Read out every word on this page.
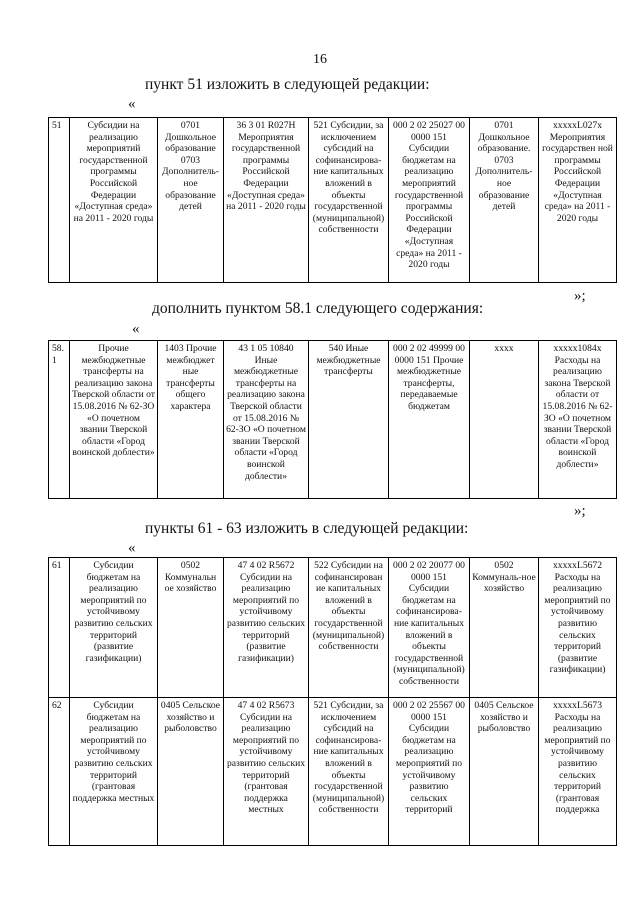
16
пункт 51 изложить в следующей редакции:
«
51	Субсидии на реализацию мероприятий государственной программы Российской Федерации «Доступная среда» на 2011 - 2020 годы	0701 Дошкольное образование 0703 Дополнитель-ное образование детей	36 3 01 R027Н Мероприятия государственной программы Российской Федерации «Доступная среда» на 2011 - 2020 годы	521 Субсидии, за исключением субсидий на софинансирова-ние капитальных вложений в объекты государственной (муниципальной) собственности	000 2 02 25027 00 0000 151 Субсидии бюджетам на реализацию мероприятий государственной программы Российской Федерации «Доступная среда» на 2011 - 2020 годы	0701 Дошкольное образование. 0703 Дополнитель-ное образование детей	xxxxxL027x Мероприятия государствен ной программы Российской Федерации «Доступная среда» на 2011 - 2020 годы
»;
дополнить пунктом 58.1 следующего содержания:
«
58.1	Прочие межбюджетные трансферты на реализацию закона Тверской области от 15.08.2016 № 62-ЗО «О почетном звании Тверской области «Город воинской доблести»	1403 Прочие межбюджет ные трансферты общего характера	43 1 05 10840 Иные межбюджетные трансферты на реализацию закона Тверской области от 15.08.2016 № 62-ЗО «О почетном звании Тверской области «Город воинской доблести»	540 Иные межбюджетные трансферты	000 2 02 49999 00 0000 151 Прочие межбюджетные трансферты, передаваемые бюджетам	xxxx	xxxxx1084x Расходы на реализацию закона Тверской области от 15.08.2016 № 62-ЗО «О почетном звании Тверской области «Город воинской доблести»
»;
пункты 61 - 63 изложить в следующей редакции:
«
61	Субсидии бюджетам на реализацию мероприятий по устойчивому развитию сельских территорий (развитие газификации)	0502 Коммунальн ое хозяйство	47 4 02 R5672 Субсидии на реализацию мероприятий по устойчивому развитию сельских территорий (развитие газификации)	522 Субсидии на софинансирован ие капитальных вложений в объекты государственной (муниципальной) собственности	000 2 02 20077 00 0000 151 Субсидии бюджетам на софинансирова-ние капитальных вложений в объекты государственной (муниципальной) собственности	0502 Коммуналь-ное хозяйство	xxxxxL5672 Расходы на реализацию мероприятий по устойчивому развитию сельских территорий (развитие газификации)
62	Субсидии бюджетам на реализацию мероприятий по устойчивому развитию сельских территорий (грантовая поддержка местных	0405 Сельское хозяйство и рыболовство	47 4 02 R5673 Субсидии на реализацию мероприятий по устойчивому развитию сельских территорий (грантовая поддержка местных	521 Субсидии, за исключением субсидий на софинансирова-ние капитальных вложений в объекты государственной (муниципальной) собственности	000 2 02 25567 00 0000 151 Субсидии бюджетам на реализацию мероприятий по устойчивому развитию сельских территорий	0405 Сельское хозяйство и рыболовство	xxxxxL5673 Расходы на реализацию мероприятий по устойчивому развитию сельских территорий (грантовая поддержка
